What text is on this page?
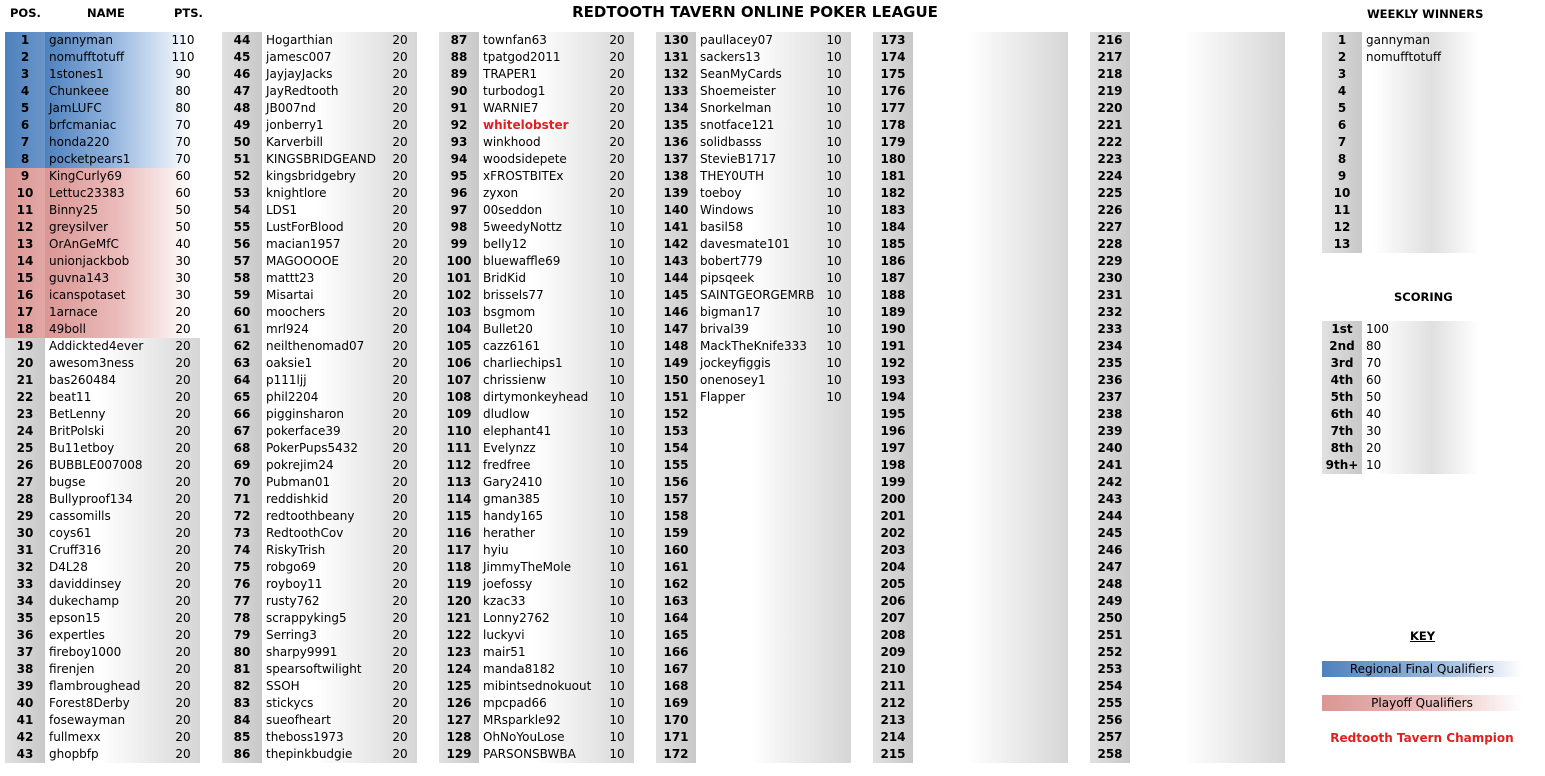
POS.	NAME	PTS.	REDTOOTH TAVERN ONLINE POKER LEAGUE
1	gannyman	110
2	nomufftotuff	110
3	1stones1	90
4	Chunkeee	80
5	JamLUFC	80
6	brfcmaniac	70
7	honda220	70
8	pocketpears1	70
9	KingCurly69	60
10	Lettuc23383	60
11	Binny25	50
12	greysilver	50
13	OrAnGeMfC	40
14	unionjackbob	30
15	guvna143	30
16	icanspotaset	30
17	1arnace	20
18	49boll	20
19	Addickted4ever	20
20	awesom3ness	20
21	bas260484	20
22	beat11	20
23	BetLenny	20
24	BritPolski	20
25	Bu11etboy	20
26	BUBBLE007008	20
27	bugse	20
28	Bullyproof134	20
29	cassomills	20
30	coys61	20
31	Cruff316	20
32	D4L28	20
33	daviddinsey	20
34	dukechamp	20
35	epson15	20
36	expertles	20
37	fireboy1000	20
38	firenjen	20
39	flambroughead	20
40	Forest8Derby	20
41	fosewayman	20
42	fullmexx	20
43	ghopbfp	20
44	Hogarthian	20
45	jamesc007	20
46	JayjayJacks	20
47	JayRedtooth	20
48	JB007nd	20
49	jonberry1	20
50	Karverbill	20
51	KINGSBRIDGEAND	20
52	kingsbridgebry	20
53	knightlore	20
54	LDS1	20
55	LustForBlood	20
56	macian1957	20
57	MAGOOOOE	20
58	mattt23	20
59	Misartai	20
60	moochers	20
61	mrl924	20
62	neilthenomad07	20
63	oaksie1	20
64	p111ljj	20
65	phil2204	20
66	pigginsharon	20
67	pokerface39	20
68	PokerPups5432	20
69	pokrejim24	20
70	Pubman01	20
71	reddishkid	20
72	redtoothbeany	20
73	RedtoothCov	20
74	RiskyTrish	20
75	robgo69	20
76	royboy11	20
77	rusty762	20
78	scrappyking5	20
79	Serring3	20
80	sharpy9991	20
81	spearsoftwilight	20
82	SSOH	20
83	stickycs	20
84	sueofheart	20
85	theboss1973	20
86	thepinkbudgie	20
87	townfan63	20
88	tpatgod2011	20
89	TRAPER1	20
90	turbodog1	20
91	WARNIE7	20
92	whitelobster	20
93	winkhood	20
94	woodsidepete	20
95	xFROSTBITEx	20
96	zyxon	20
97	00seddon	10
98	5weedyNottz	10
99	belly12	10
100 bluewaffle69	10
101 BridKid	10
102 brissels77	10
103 bsgmom	10
104 Bullet20	10
105 cazz6161	10
106 charliechips1	10
107 chrissienw	10
108 dirtymonkeyhead	10
109 dludlow	10
110 elephant41	10
111 Evelynzz	10
112 fredfree	10
113 Gary2410	10
114 gman385	10
115 handy165	10
116 herather	10
117 hyiu	10
118 JimmyTheMole	10
119 joefossy	10
120 kzac33	10
121 Lonny2762	10
122 luckyvi	10
123 mair51	10
124 manda8182	10
125 mibintsednokuout	10
126 mpcpad66	10
127 MRsparkle92	10
128 OhNoYouLose	10
129 PARSONSBWBA	10
130 paullacey07	10
131 sackers13	10
132 SeanMyCards	10
133 Shoemeister	10
134 Snorkelman	10
135 snotface121	10
136 solidbasss	10
137 StevieB1717	10
138 THEY0UTH	10
139 toeboy	10
140 Windows	10
141 basil58	10
142 davesmate101	10
143 bobert779	10
144 pipsqeek	10
145 SAINTGEORGEMRB 10
146 bigman17	10
147 brival39	10
148 MackTheKnife333	10
149 jockeyfiggis	10
150 onenosey1	10
151 Flapper	10
152
153
154
155
156
157
158
159
160
161
162
163
164
165
166
167
168
169
170
171
172
173
174
175
176
177
178
179
180
181
182
183
184
185
186
187
188
189
190
191
192
193
194
195
196
197
198
199
200
201
202
203
204
205
206
207
208
209
210
211
212
213
214
215
216
217
218
219
220
221
222
223
224
225
226
227
228
229
230
231
232
233
234
235
236
237
238
239
240
241
242
243
244
245
246
247
248
249
250
251
252
253
254
255
256
257
258
WEEKLY WINNERS
1	gannyman
2	nomufftotuff
3
4
5
6
7
8
9
10
11
12
13
SCORING
1st	100
2nd 80
3rd	70
4th	60
5th	50
6th	40
7th	30
8th	20
9th+ 10
KEY
Regional Final Qualifiers
Playoff Qualifiers
Redtooth Tavern Champion
